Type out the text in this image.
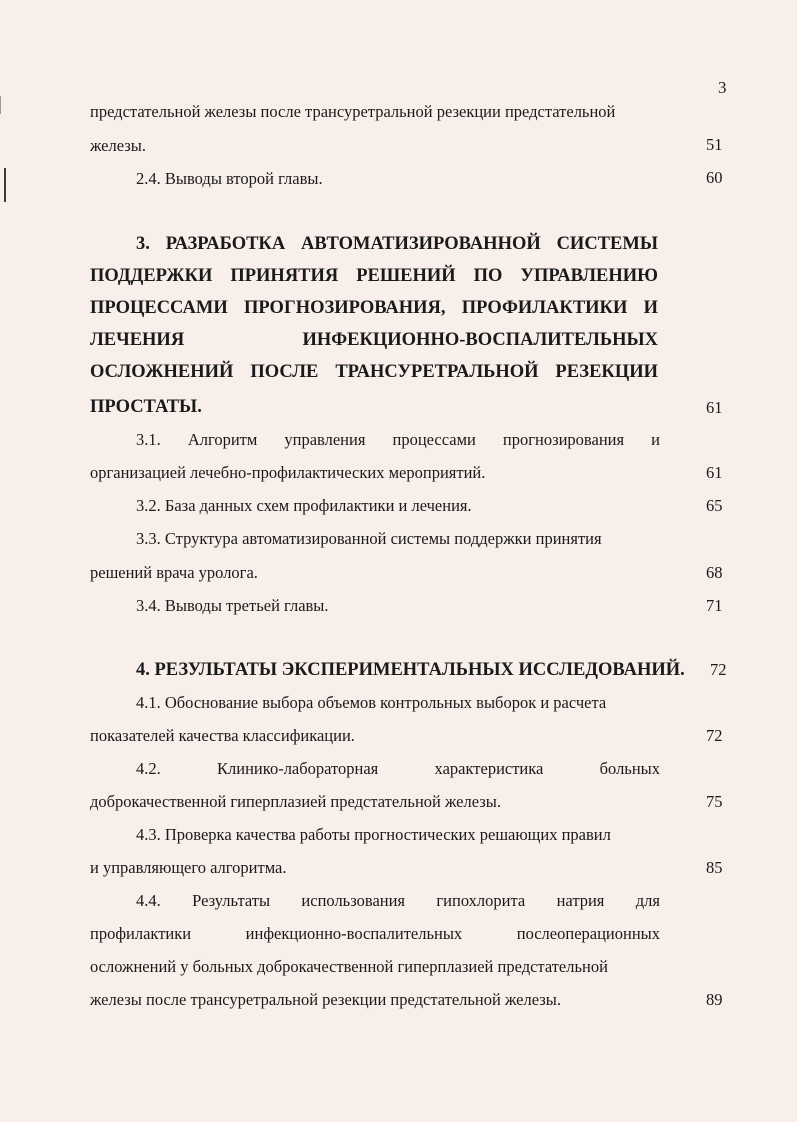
3
предстательной железы после трансуретральной резекции предстательной
железы.	51
2.4. Выводы второй главы.	60
3. РАЗРАБОТКА АВТОМАТИЗИРОВАННОЙ СИСТЕМЫ
ПОДДЕРЖКИ ПРИНЯТИЯ РЕШЕНИЙ ПО УПРАВЛЕНИЮ
ПРОЦЕССАМИ ПРОГНОЗИРОВАНИЯ, ПРОФИЛАКТИКИ И
ЛЕЧЕНИЯ ИНФЕКЦИОННО-ВОСПАЛИТЕЛЬНЫХ
ОСЛОЖНЕНИЙ ПОСЛЕ ТРАНСУРЕТРАЛЬНОЙ РЕЗЕКЦИИ
ПРОСТАТЫ.	61
3.1. Алгоритм управления процессами прогнозирования и
организацией лечебно-профилактических мероприятий.	61
3.2. База данных схем профилактики и лечения.	65
3.3. Структура автоматизированной системы поддержки принятия
решений врача уролога.	68
3.4. Выводы третьей главы.	71
4. РЕЗУЛЬТАТЫ ЭКСПЕРИМЕНТАЛЬНЫХ ИССЛЕДОВАНИЙ. 72
4.1. Обоснование выбора объемов контрольных выборок и расчета
показателей качества классификации.	72
4.2. Клинико-лабораторная характеристика больных
доброкачественной гиперплазией предстательной железы.	75
4.3. Проверка качества работы прогностических решающих правил
и управляющего алгоритма.	85
4.4. Результаты использования гипохлорита натрия для
профилактики инфекционно-воспалительных послеоперационных
осложнений у больных доброкачественной гиперплазией предстательной
железы после трансуретральной резекции предстательной железы.	89
